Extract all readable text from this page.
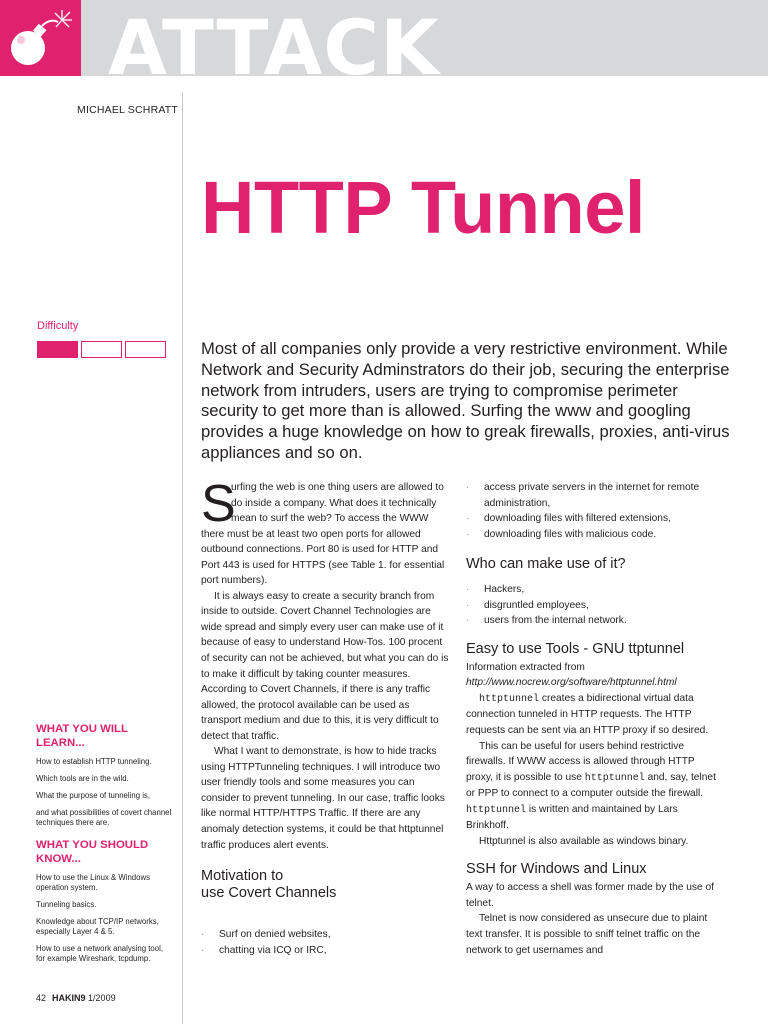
ATTACK
MICHAEL SCHRATT
HTTP Tunnel
Difficulty

Most of all companies only provide a very restrictive environment. While Network and Security Adminstrators do their job, securing the enterprise network from intruders, users are trying to compromise perimeter security to get more than is allowed. Surfing the www and googling provides a huge knowledge on how to greak firewalls, proxies, anti-virus appliances and so on.

S

urfing the web is one thing users are allowed to do inside a company. What does it technically mean to surf the web? To access the WWW there must be at least two open ports for allowed outbound connections. Port 80 is used for HTTP and Port 443 is used for HTTPS (see Table 1. for essential port numbers).

It is always easy to create a security branch from inside to outside. Covert Channel Technologies are wide spread and simply every user can make use of it because of easy to understand How-Tos. 100 procent of security can not be achieved, but what you can do is to make it difficult by taking counter measures. According to Covert Channels, if there is any traffic allowed, the protocol available can be used as transport medium and due to this, it is very difficult to detect that traffic.

What I want to demonstrate, is how to hide tracks using HTTPTunneling techniques. I will introduce two user friendly tools and some measures you can consider to prevent tunneling. In our case, traffic looks like normal HTTP/HTTPS Traffic. If there are any anomaly detection systems, it could be that httptunnel traffic produces alert events.

Motivation to
use Covert Channels
· Surf on denied websites,
· chatting via ICQ or IRC,
· access private servers in the internet for remote administration,
· downloading files with filtered extensions,
· downloading files with malicious code.
Who can make use of it?
· Hackers,
· disgruntled employees,
· users from the internal network.
Easy to use Tools - GNU ttptunnel

Information extracted from http://www.nocrew.org/software/httptunnel.html

httptunnel creates a bidirectional virtual data connection tunneled in HTTP requests. The HTTP requests can be sent via an HTTP proxy if so desired.

This can be useful for users behind restrictive firewalls. If WWW access is allowed through HTTP proxy, it is possible to use httptunnel and, say, telnet or PPP to connect to a computer outside the firewall. httptunnel is written and maintained by Lars Brinkhoff.

Httptunnel is also available as windows binary.

SSH for Windows and Linux

A way to access a shell was former made by the use of telnet.

Telnet is now considered as unsecure due to plaint text transfer. It is possible to sniff telnet traffic on the network to get usernames and

WHAT YOU WILL LEARN...
How to establish HTTP tunneling.
Which tools are in the wild.
What the purpose of tunneling is,
and what possibilities of covert channel techniques there are.
WHAT YOU SHOULD KNOW...
How to use the Linux & Windows operation system.
Tunneling basics.
Knowledge about TCP/IP networks, especially Layer 4 & 5.
How to use a network analysing tool, for example Wireshark, tcpdump.
42 HAKIN9 1/2009
